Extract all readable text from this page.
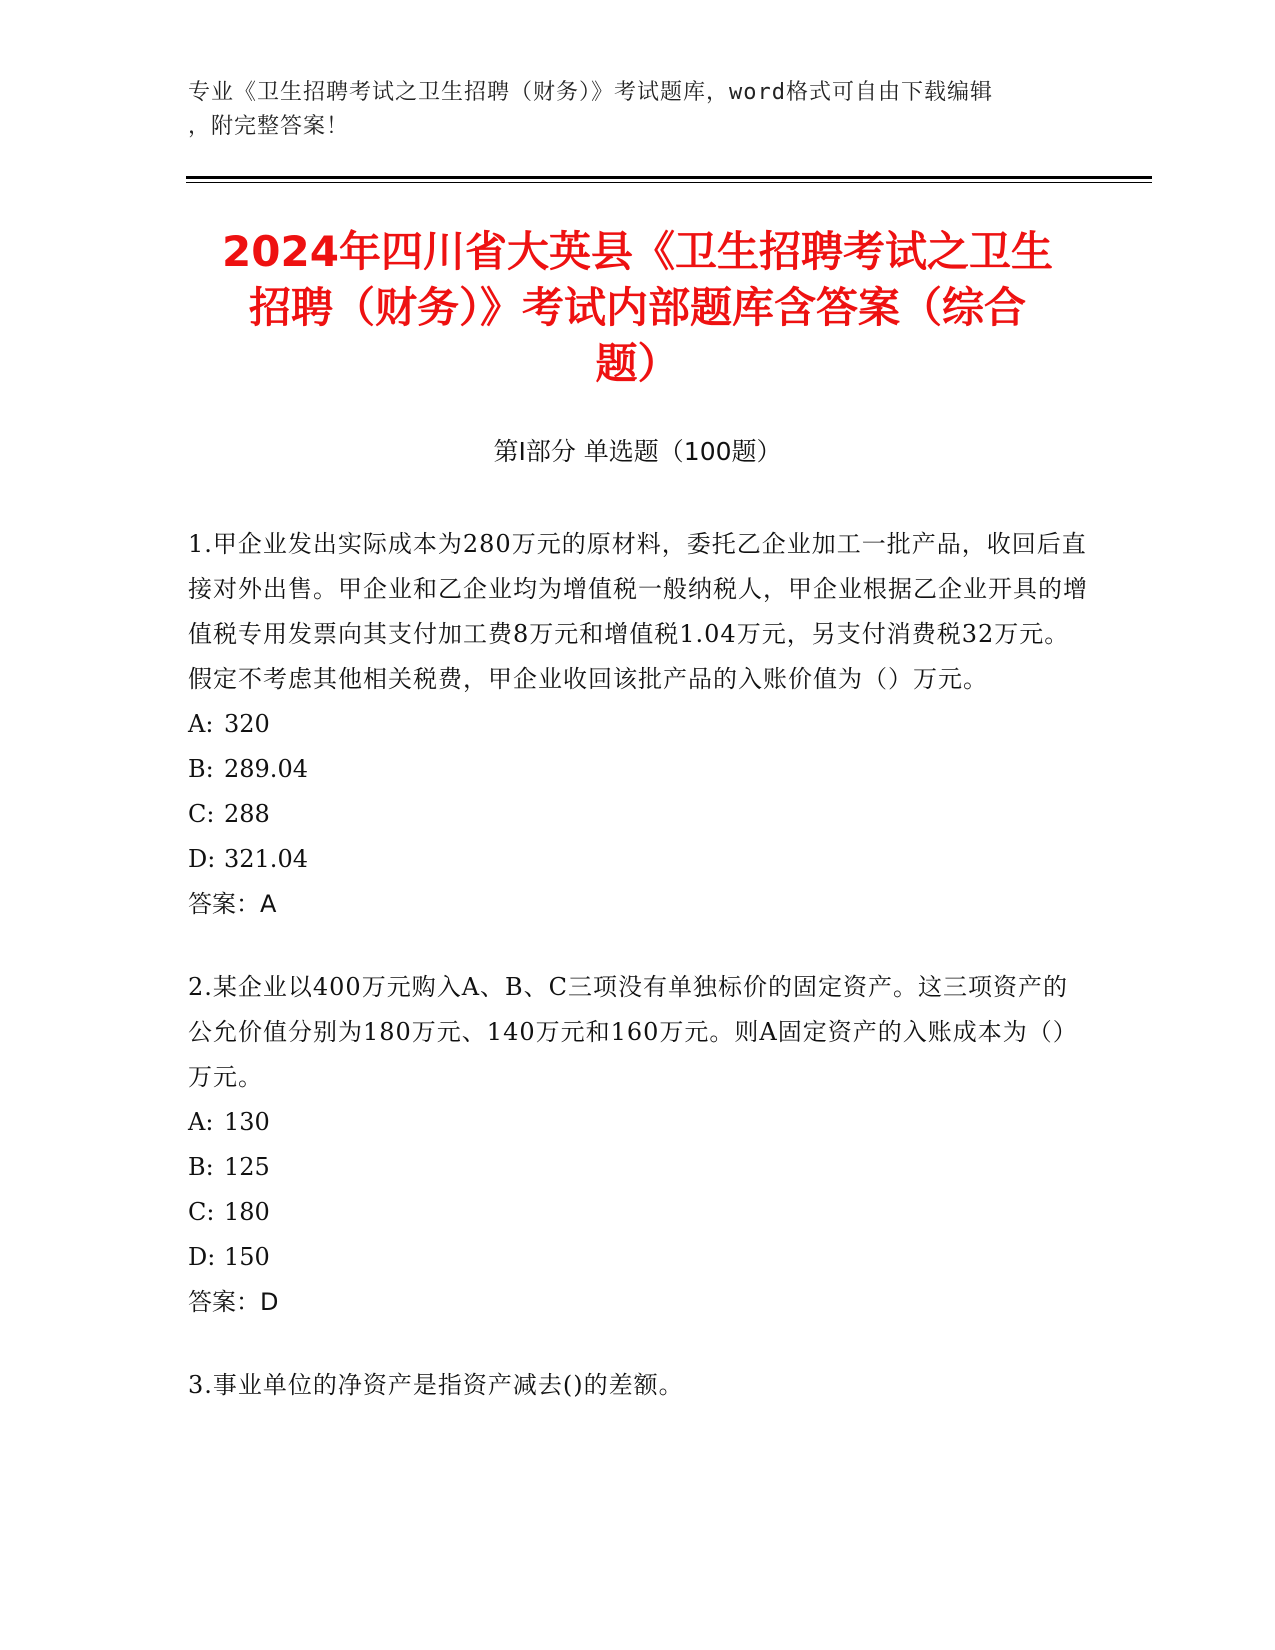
专业《卫生招聘考试之卫生招聘（财务）》考试题库，word格式可自由下载编辑
，附完整答案！
2024年四川省大英县《卫生招聘考试之卫生
招聘（财务）》考试内部题库含答案（综合
题）
第Ⅰ部分 单选题（100题）
1.甲企业发出实际成本为280万元的原材料，委托乙企业加工一批产品，收回后直接对外出售。甲企业和乙企业均为增值税一般纳税人，甲企业根据乙企业开具的增值税专用发票向其支付加工费8万元和增值税1.04万元，另支付消费税32万元。假定不考虑其他相关税费，甲企业收回该批产品的入账价值为（）万元。
A: 320
B: 289.04
C: 288
D: 321.04
答案：A
2.某企业以400万元购入A、B、C三项没有单独标价的固定资产。这三项资产的公允价值分别为180万元、140万元和160万元。则A固定资产的入账成本为（）万元。
A: 130
B: 125
C: 180
D: 150
答案：D
3.事业单位的净资产是指资产减去()的差额。
